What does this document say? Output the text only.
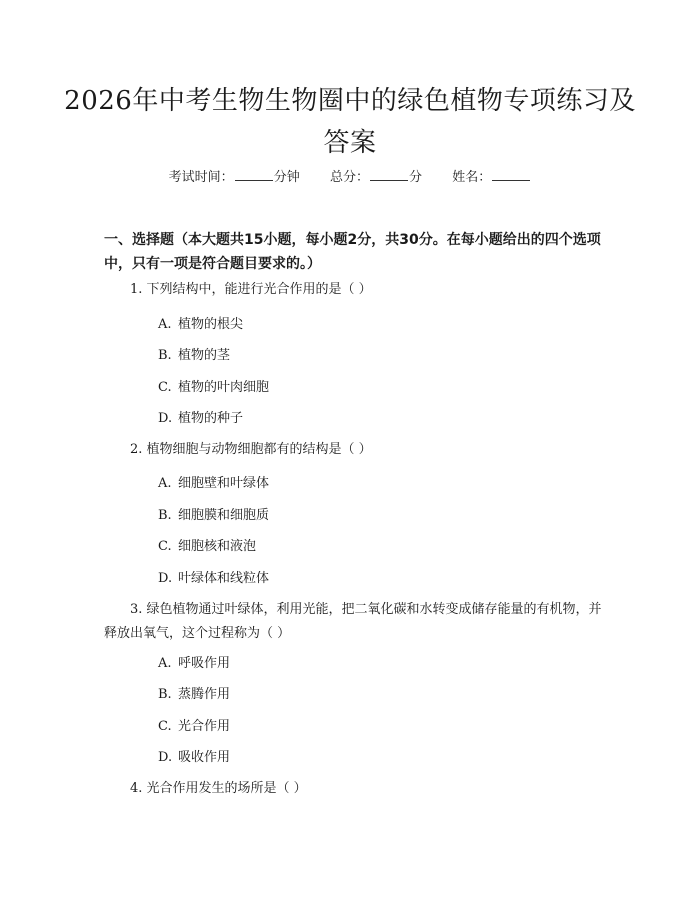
2026年中考生物生物圈中的绿色植物专项练习及答案
考试时间：	分钟 总分：	分 姓名：
一、选择题（本大题共15小题，每小题2分，共30分。在每小题给出的四个选项中，只有一项是符合题目要求的。）
1. 下列结构中，能进行光合作用的是（ ）
A. 植物的根尖
B. 植物的茎
C. 植物的叶肉细胞
D. 植物的种子
2. 植物细胞与动物细胞都有的结构是（ ）
A. 细胞壁和叶绿体
B. 细胞膜和细胞质
C. 细胞核和液泡
D. 叶绿体和线粒体
3. 绿色植物通过叶绿体，利用光能，把二氧化碳和水转变成储存能量的有机物，并释放出氧气，这个过程称为（ ）
A. 呼吸作用
B. 蒸腾作用
C. 光合作用
D. 吸收作用
4. 光合作用发生的场所是（ ）
